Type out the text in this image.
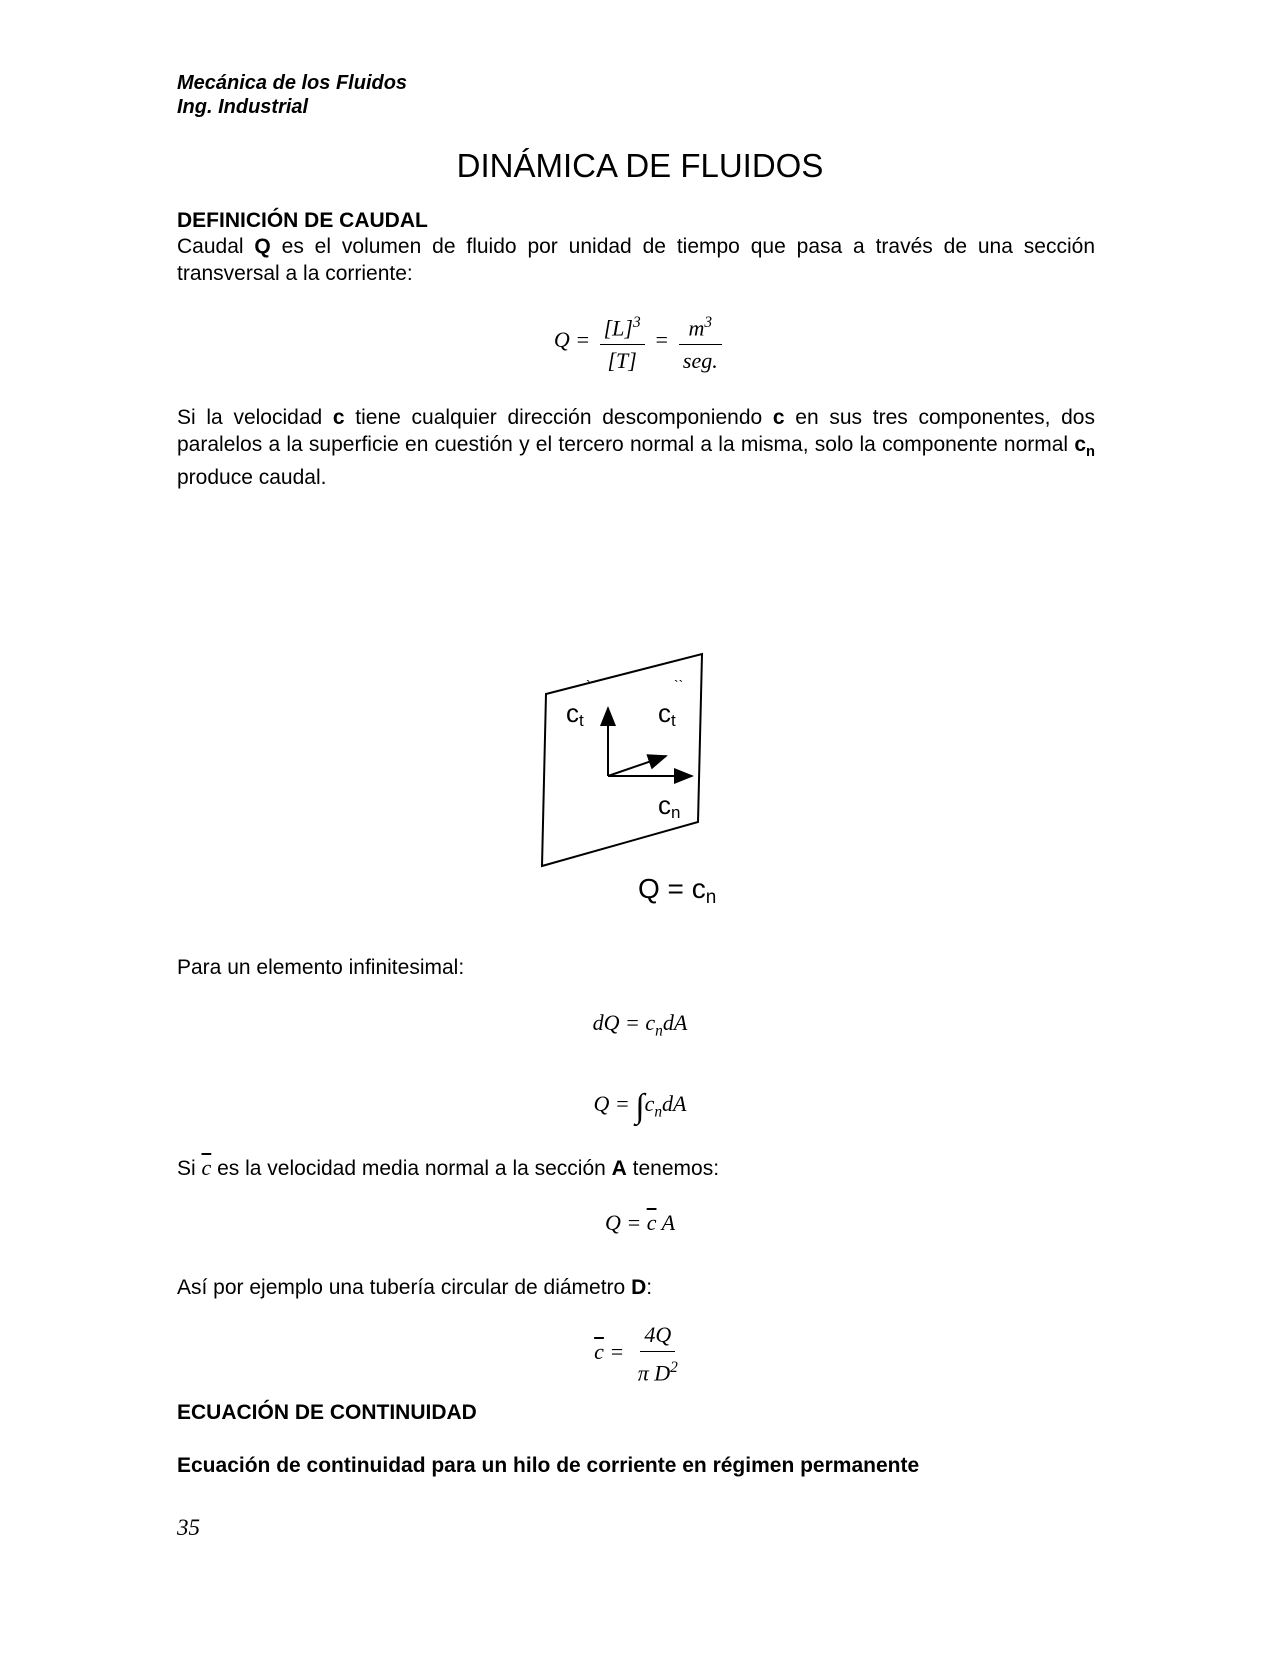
Mecánica de los Fluidos
Ing. Industrial
DINÁMICA DE FLUIDOS
DEFINICIÓN DE CAUDAL
Caudal Q es el volumen de fluido por unidad de tiempo que pasa a través de una sección transversal a la corriente:
$Q = \frac{[L]^3}{[T]} = \frac{m^3}{\text{seg.}}$
Si la velocidad c tiene cualquier dirección descomponiendo c en sus tres componentes, dos paralelos a la superficie en cuestión y el tercero normal a la misma, solo la componente normal $c_n$ produce caudal.
ct
`
ct
``
cn
Q = cn
Para un elemento infinitesimal:
dQ = $c_ndA$
$Q = \int c_ndA$
Si $\overline{c}$ es la velocidad media normal a la sección A tenemos:
$Q = \overline{c}$ A
Así por ejemplo una tubería circular de diámetro D:
$\overline{c} = \frac{4Q}{\pi D^2}$
ECUACIÓN DE CONTINUIDAD
Ecuación de continuidad para un hilo de corriente en régimen permanente
35
